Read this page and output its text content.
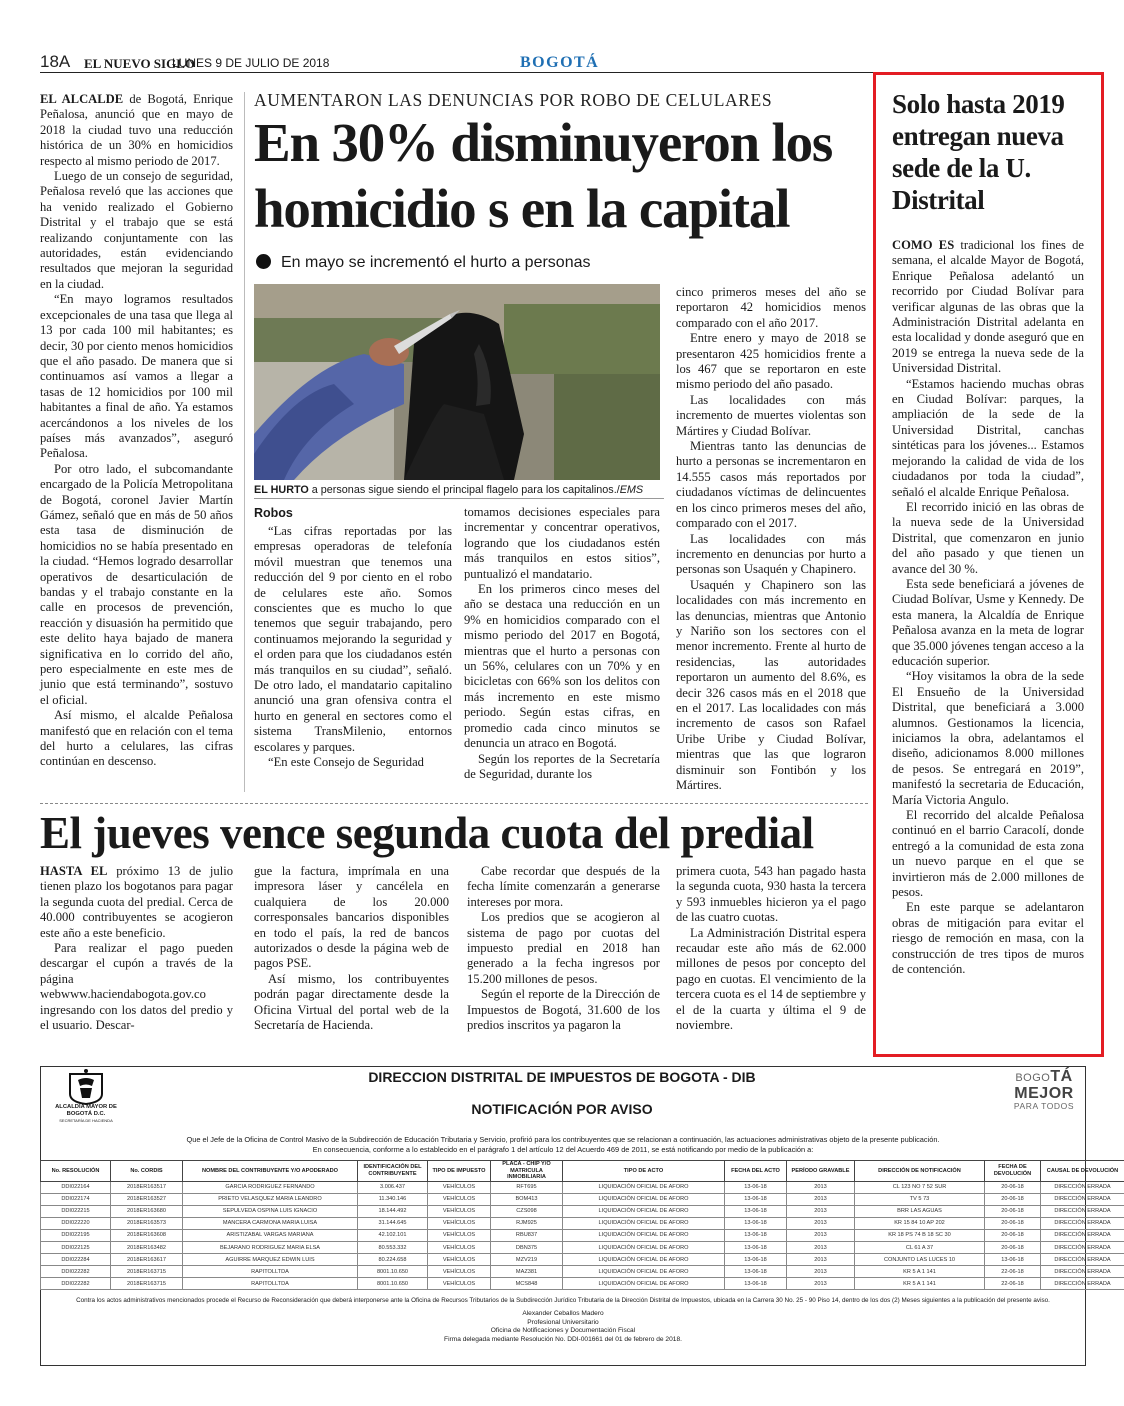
18A EL NUEVO SIGLO
LUNES 9 DE JULIO DE 2018	BOGOTÁ
AUMENTARON LAS DENUNCIAS POR ROBO DE CELULARES
En 30% disminuyeron los
homicidio s en la capital
En mayo se incrementó el hurto a personas

EL ALCALDE de Bogotá, Enrique Peñalosa, anunció que en mayo de 2018 la ciudad tuvo una reducción histórica de un 30% en homicidios respecto al mismo periodo de 2017.

Luego de un consejo de seguridad, Peñalosa reveló que las acciones que ha venido realizado el Gobierno Distrital y el trabajo que se está realizando conjuntamente con las autoridades, están evidenciando resultados que mejoran la seguridad en la ciudad.

“En mayo logramos resultados excepcionales de una tasa que llega al 13 por cada 100 mil habitantes; es decir, 30 por ciento menos homicidios que el año pasado. De manera que si continuamos así vamos a llegar a tasas de 12 homicidios por 100 mil habitantes a final de año. Ya estamos acercándonos a los niveles de los países más avanzados”, aseguró Peñalosa.

Por otro lado, el subcomandante encargado de la Policía Metropolitana de Bogotá, coronel Javier Martín Gámez, señaló que en más de 50 años esta tasa de disminución de homicidios no se había presentado en la ciudad. “Hemos logrado desarrollar operativos de desarticulación de bandas y el trabajo constante en la calle en procesos de prevención, reacción y disuasión ha permitido que este delito haya bajado de manera significativa en lo corrido del año, pero especialmente en este mes de junio que está terminando”, sostuvo el oficial.

Así mismo, el alcalde Peñalosa manifestó que en relación con el tema del hurto a celulares, las cifras continúan en descenso.

EL HURTO a personas sigue siendo el principal flagelo para los capitalinos./EMS
Robos

“Las cifras reportadas por las empresas operadoras de telefonía móvil muestran que tenemos una reducción del 9 por ciento en el robo de celulares este año. Somos conscientes que es mucho lo que tenemos que seguir trabajando, pero continuamos mejorando la seguridad y el orden para que los ciudadanos estén más tranquilos en su ciudad”, señaló. De otro lado, el mandatario capitalino anunció una gran ofensiva contra el hurto en general en sectores como el sistema TransMilenio, entornos escolares y parques.

“En este Consejo de Seguridad

tomamos decisiones especiales para incrementar y concentrar operativos, logrando que los ciudadanos estén más tranquilos en estos sitios”, puntualizó el mandatario.

En los primeros cinco meses del año se destaca una reducción en un 9% en homicidios comparado con el mismo periodo del 2017 en Bogotá, mientras que el hurto a personas con un 56%, celulares con un 70% y en bicicletas con 66% son los delitos con más incremento en este mismo periodo. Según estas cifras, en promedio cada cinco minutos se denuncia un atraco en Bogotá.

Según los reportes de la Secretaría de Seguridad, durante los

cinco primeros meses del año se reportaron 42 homicidios menos comparado con el año 2017.

Entre enero y mayo de 2018 se presentaron 425 homicidios frente a los 467 que se reportaron en este mismo periodo del año pasado.

Las localidades con más incremento de muertes violentas son Mártires y Ciudad Bolívar.

Mientras tanto las denuncias de hurto a personas se incrementaron en 14.555 casos más reportados por ciudadanos víctimas de delincuentes en los cinco primeros meses del año, comparado con el 2017.

Las localidades con más incremento en denuncias por hurto a personas son Usaquén y Chapinero.

Usaquén y Chapinero son las localidades con más incremento en las denuncias, mientras que Antonio y Nariño son los sectores con el menor incremento. Frente al hurto de residencias, las autoridades reportaron un aumento del 8.6%, es decir 326 casos más en el 2018 que en el 2017. Las localidades con más incremento de casos son Rafael Uribe Uribe y Ciudad Bolívar, mientras que las que lograron disminuir son Fontibón y los Mártires.

Solo hasta 2019 entregan nueva sede de la U. Distrital

COMO ES tradicional los fines de semana, el alcalde Mayor de Bogotá, Enrique Peñalosa adelantó un recorrido por Ciudad Bolívar para verificar algunas de las obras que la Administración Distrital adelanta en esta localidad y donde aseguró que en 2019 se entrega la nueva sede de la Universidad Distrital.

“Estamos haciendo muchas obras en Ciudad Bolívar: parques, la ampliación de la sede de la Universidad Distrital, canchas sintéticas para los jóvenes... Estamos mejorando la calidad de vida de los ciudadanos por toda la ciudad”, señaló el alcalde Enrique Peñalosa.

El recorrido inició en las obras de la nueva sede de la Universidad Distrital, que comenzaron en junio del año pasado y que tienen un avance del 30 %.

Esta sede beneficiará a jóvenes de Ciudad Bolívar, Usme y Kennedy. De esta manera, la Alcaldía de Enrique Peñalosa avanza en la meta de lograr que 35.000 jóvenes tengan acceso a la educación superior.

“Hoy visitamos la obra de la sede El Ensueño de la Universidad Distrital, que beneficiará a 3.000 alumnos. Gestionamos la licencia, iniciamos la obra, adelantamos el diseño, adicionamos 8.000 millones de pesos. Se entregará en 2019”, manifestó la secretaria de Educación, María Victoria Angulo.

El recorrido del alcalde Peñalosa continuó en el barrio Caracolí, donde entregó a la comunidad de esta zona un nuevo parque en el que se invirtieron más de 2.000 millones de pesos.

En este parque se adelantaron obras de mitigación para evitar el riesgo de remoción en masa, con la construcción de tres tipos de muros de contención.

El jueves vence segunda cuota del predial

HASTA EL próximo 13 de julio tienen plazo los bogotanos para pagar la segunda cuota del predial. Cerca de 40.000 contribuyentes se acogieron este año a este beneficio.

Para realizar el pago pueden descargar el cupón a través de la página webwww.haciendabogota.gov.co ingresando con los datos del predio y el usuario. Descar-

gue la factura, imprímala en una impresora láser y cancélela en cualquiera de los 20.000 corresponsales bancarios disponibles en todo el país, la red de bancos autorizados o desde la página web de pagos PSE.

Así mismo, los contribuyentes podrán pagar directamente desde la Oficina Virtual del portal web de la Secretaría de Hacienda.

Cabe recordar que después de la fecha límite comenzarán a generarse intereses por mora.

Los predios que se acogieron al sistema de pago por cuotas del impuesto predial en 2018 han generado a la fecha ingresos por 15.200 millones de pesos.

Según el reporte de la Dirección de Impuestos de Bogotá, 31.600 de los predios inscritos ya pagaron la

primera cuota, 543 han pagado hasta la segunda cuota, 930 hasta la tercera y 593 inmuebles hicieron ya el pago de las cuatro cuotas.

La Administración Distrital espera recaudar este año más de 62.000 millones de pesos por concepto del pago en cuotas. El vencimiento de la tercera cuota es el 14 de septiembre y el de la cuarta y última el 9 de noviembre.

ALCALDÍA MAYOR DE BOGOTÁ D.C.
SECRETARÍA DE HACIENDA
DIRECCION DISTRITAL DE IMPUESTOS DE BOGOTA - DIB
NOTIFICACIÓN POR AVISO
BOGOTÁ
MEJOR
PARA TODOS
Que el Jefe de la Oficina de Control Masivo de la Subdirección de Educación Tributaria y Servicio, profirió para los contribuyentes que se relacionan a continuación, las actuaciones administrativas objeto de la presente publicación.
En consecuencia, conforme a lo establecido en el parágrafo 1 del artículo 12 del Acuerdo 469 de 2011, se está notificando por medio de la publicación a:
No. RESOLUCIÓN	No. CORDIS	NOMBRE DEL CONTRIBUYENTE Y/O APODERADO	IDENTIFICACIÓN DEL CONTRIBUYENTE	TIPO DE IMPUESTO	PLACA - CHIP Y/O MATRICULA INMOBILIARIA	TIPO DE ACTO	FECHA DEL ACTO	PERÍODO GRAVABLE	DIRECCIÓN DE NOTIFICACIÓN	FECHA DE DEVOLUCIÓN	CAUSAL DE DEVOLUCIÓN
DDI022164	2018ER163517	GARCIA RODRIGUEZ FERNANDO	3.006.437	VEHÍCULOS	RFT695	LIQUIDACIÓN OFICIAL DE AFORO	13-06-18	2013	CL 123 NO 7 52 SUR	20-06-18	DIRECCIÓN ERRADA
DDI022174	2018ER163527	PRIETO VELASQUEZ MARIA LEANDRO	11.340.146	VEHÍCULOS	BOM413	LIQUIDACIÓN OFICIAL DE AFORO	13-06-18	2013	TV 5 73	20-06-18	DIRECCIÓN ERRADA
DDI022215	2018ER163680	SEPULVEDA OSPINA LUIS IGNACIO	18.144.492	VEHÍCULOS	CZS098	LIQUIDACIÓN OFICIAL DE AFORO	13-06-18	2013	BRR LAS AGUAS	20-06-18	DIRECCIÓN ERRADA
DDI022220	2018ER163573	MANCERA CARMONA MARIA LUISA	31.144.645	VEHÍCULOS	RJM925	LIQUIDACIÓN OFICIAL DE AFORO	13-06-18	2013	KR 15 84 10 AP 202	20-06-18	DIRECCIÓN ERRADA
DDI022195	2018ER163608	ARISTIZABAL VARGAS MARIANA	42.102.101	VEHÍCULOS	RBU837	LIQUIDACIÓN OFICIAL DE AFORO	13-06-18	2013	KR 18 PS 74 B 18 SC 30	20-06-18	DIRECCIÓN ERRADA
DDI022125	2018ER163482	BEJARANO RODRIGUEZ MARIA ELSA	80.553.332	VEHÍCULOS	DBN375	LIQUIDACIÓN OFICIAL DE AFORO	13-06-18	2013	CL 61 A 37	20-06-18	DIRECCIÓN ERRADA
DDI022284	2018ER163617	AGUIRRE MARQUEZ EDWIN LUIS	80.224.658	VEHÍCULOS	MZV219	LIQUIDACIÓN OFICIAL DE AFORO	13-06-18	2013	CONJUNTO LAS LUCES 10	13-06-18	DIRECCIÓN ERRADA
DDI022282	2018ER163715	RAPITOLLTDA	8001.10.650	VEHÍCULOS	MAZ381	LIQUIDACIÓN OFICIAL DE AFORO	13-06-18	2013	KR 5 A 1 141	22-06-18	DIRECCIÓN ERRADA
DDI022282	2018ER163715	RAPITOLLTDA	8001.10.650	VEHÍCULOS	MCS848	LIQUIDACIÓN OFICIAL DE AFORO	13-06-18	2013	KR 5 A 1 141	22-06-18	DIRECCIÓN ERRADA
Contra los actos administrativos mencionados procede el Recurso de Reconsideración que deberá interponerse ante la Oficina de Recursos Tributarios de la Subdirección Jurídico Tributaria de la Dirección Distrital de Impuestos, ubicada en la Carrera 30 No. 25 - 90 Piso 14, dentro de los dos (2) Meses siguientes a la publicación del presente aviso.
Alexander Ceballos Madero
Profesional Universitario
Oficina de Notificaciones y Documentación Fiscal
Firma delegada mediante Resolución No. DDI-001661 del 01 de febrero de 2018.
